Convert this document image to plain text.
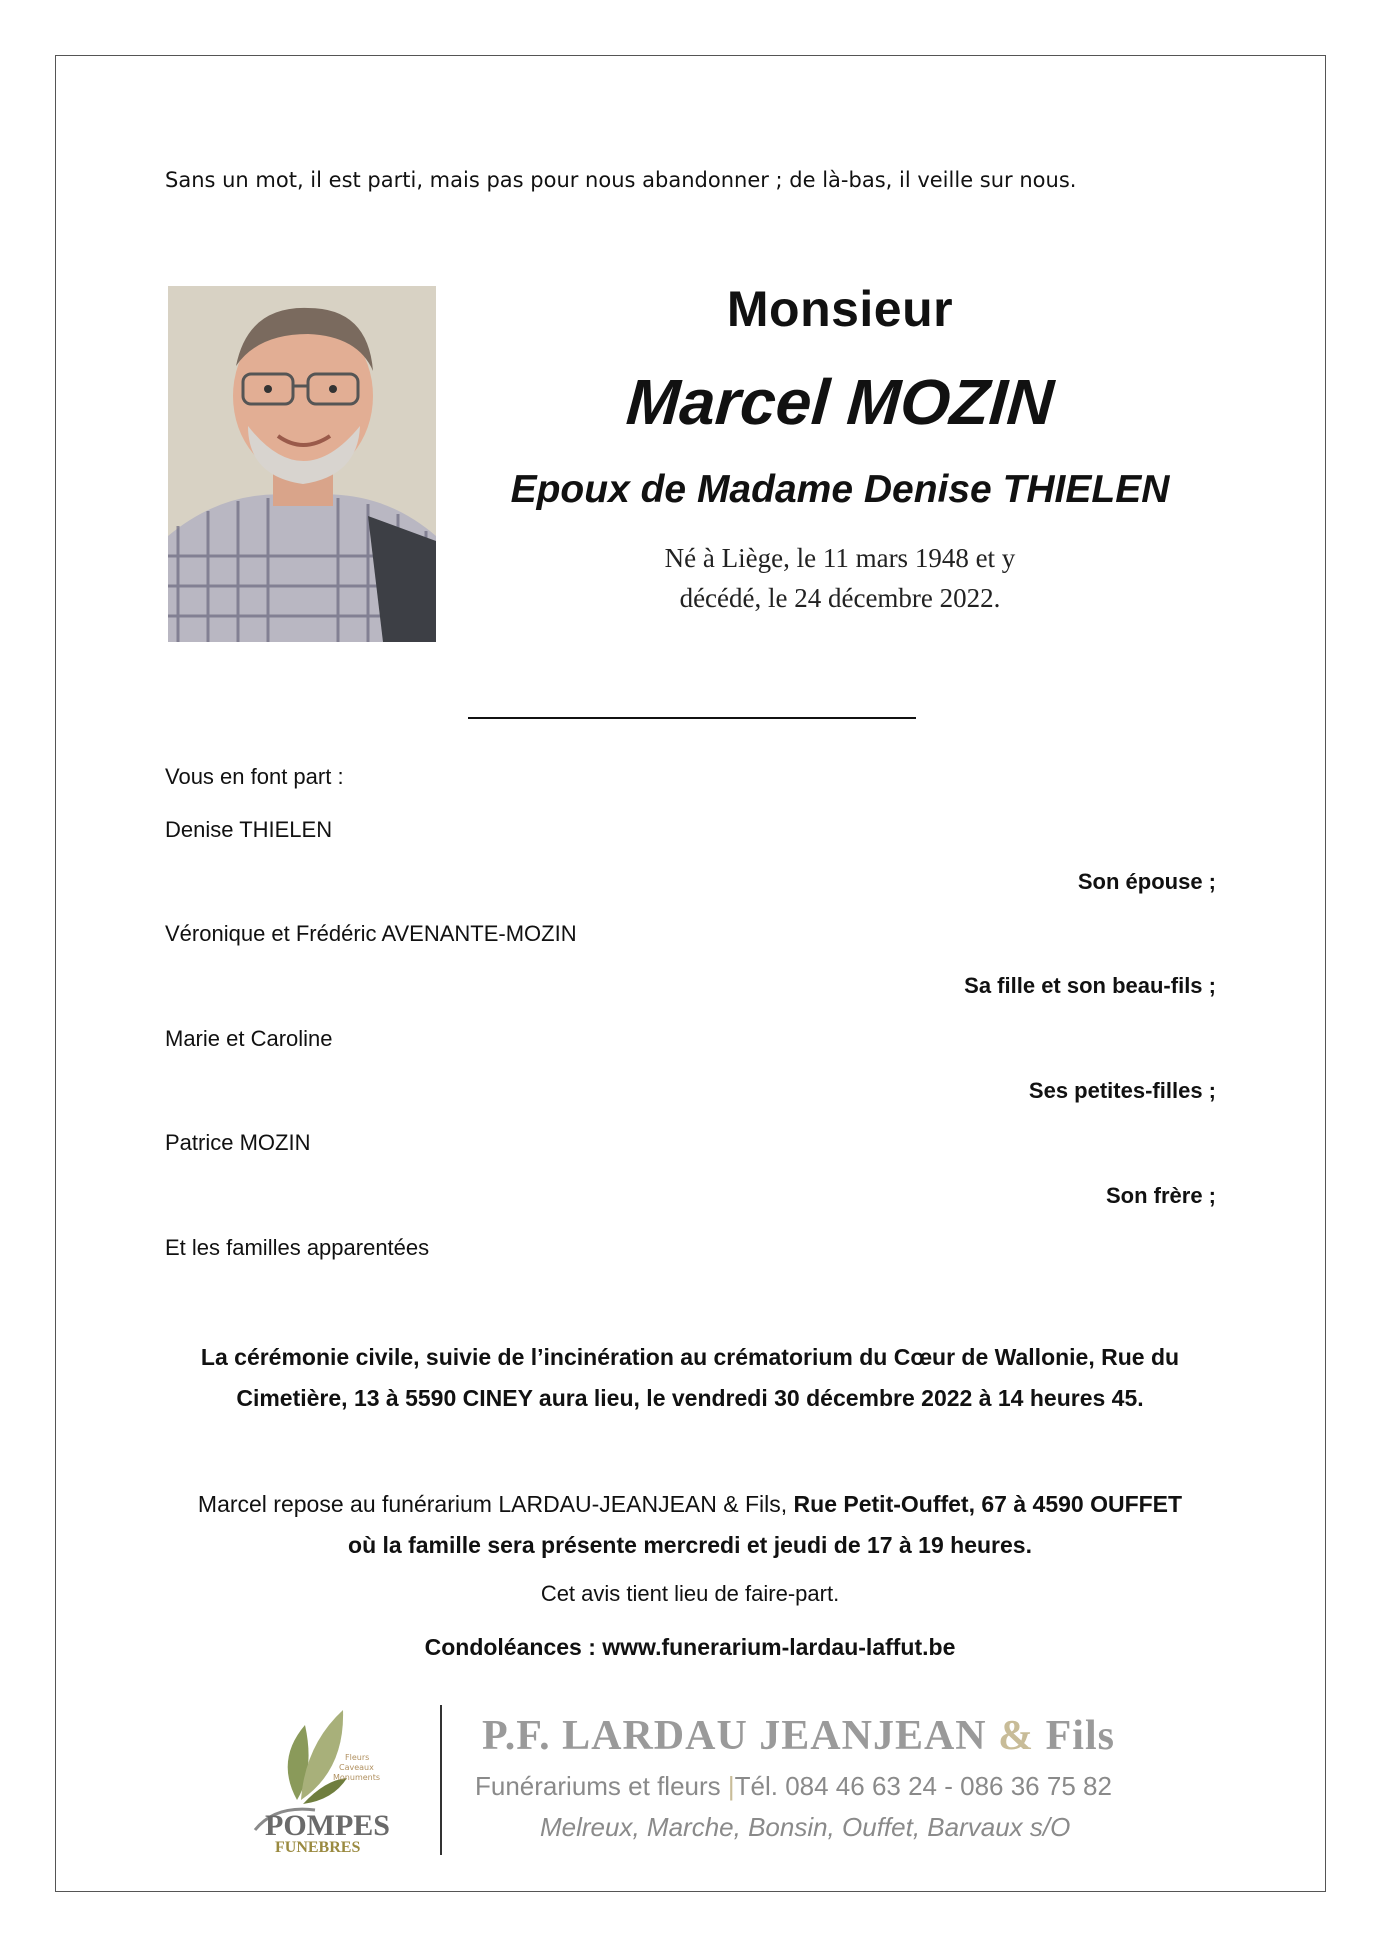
Sans un mot, il est parti, mais pas pour nous abandonner ; de là-bas, il veille sur nous.
Monsieur
Marcel MOZIN
Epoux de Madame Denise THIELEN
Né à Liège, le 11 mars 1948 et y
décédé, le 24 décembre 2022.
Vous en font part :
Denise THIELEN
Son épouse ;
Véronique et Frédéric AVENANTE-MOZIN
Sa fille et son beau-fils ;
Marie et Caroline
Ses petites-filles ;
Patrice MOZIN
Son frère ;
Et les familles apparentées
La cérémonie civile, suivie de l’incinération au crématorium du Cœur de Wallonie, Rue du
Cimetière, 13 à 5590 CINEY aura lieu, le vendredi 30 décembre 2022 à 14 heures 45.
Marcel repose au funérarium LARDAU-JEANJEAN & Fils, Rue Petit-Ouffet, 67 à 4590 OUFFET
où la famille sera présente mercredi et jeudi de 17 à 19 heures.
Cet avis tient lieu de faire-part.
Condoléances : www.funerarium-lardau-laffut.be
Fleurs
Caveaux
Monuments
POMPES
FUNEBRES
P.F. LARDAU JEANJEAN & Fils
Funérariums et fleurs |Tél. 084 46 63 24 - 086 36 75 82
Melreux, Marche, Bonsin, Ouffet, Barvaux s/O
